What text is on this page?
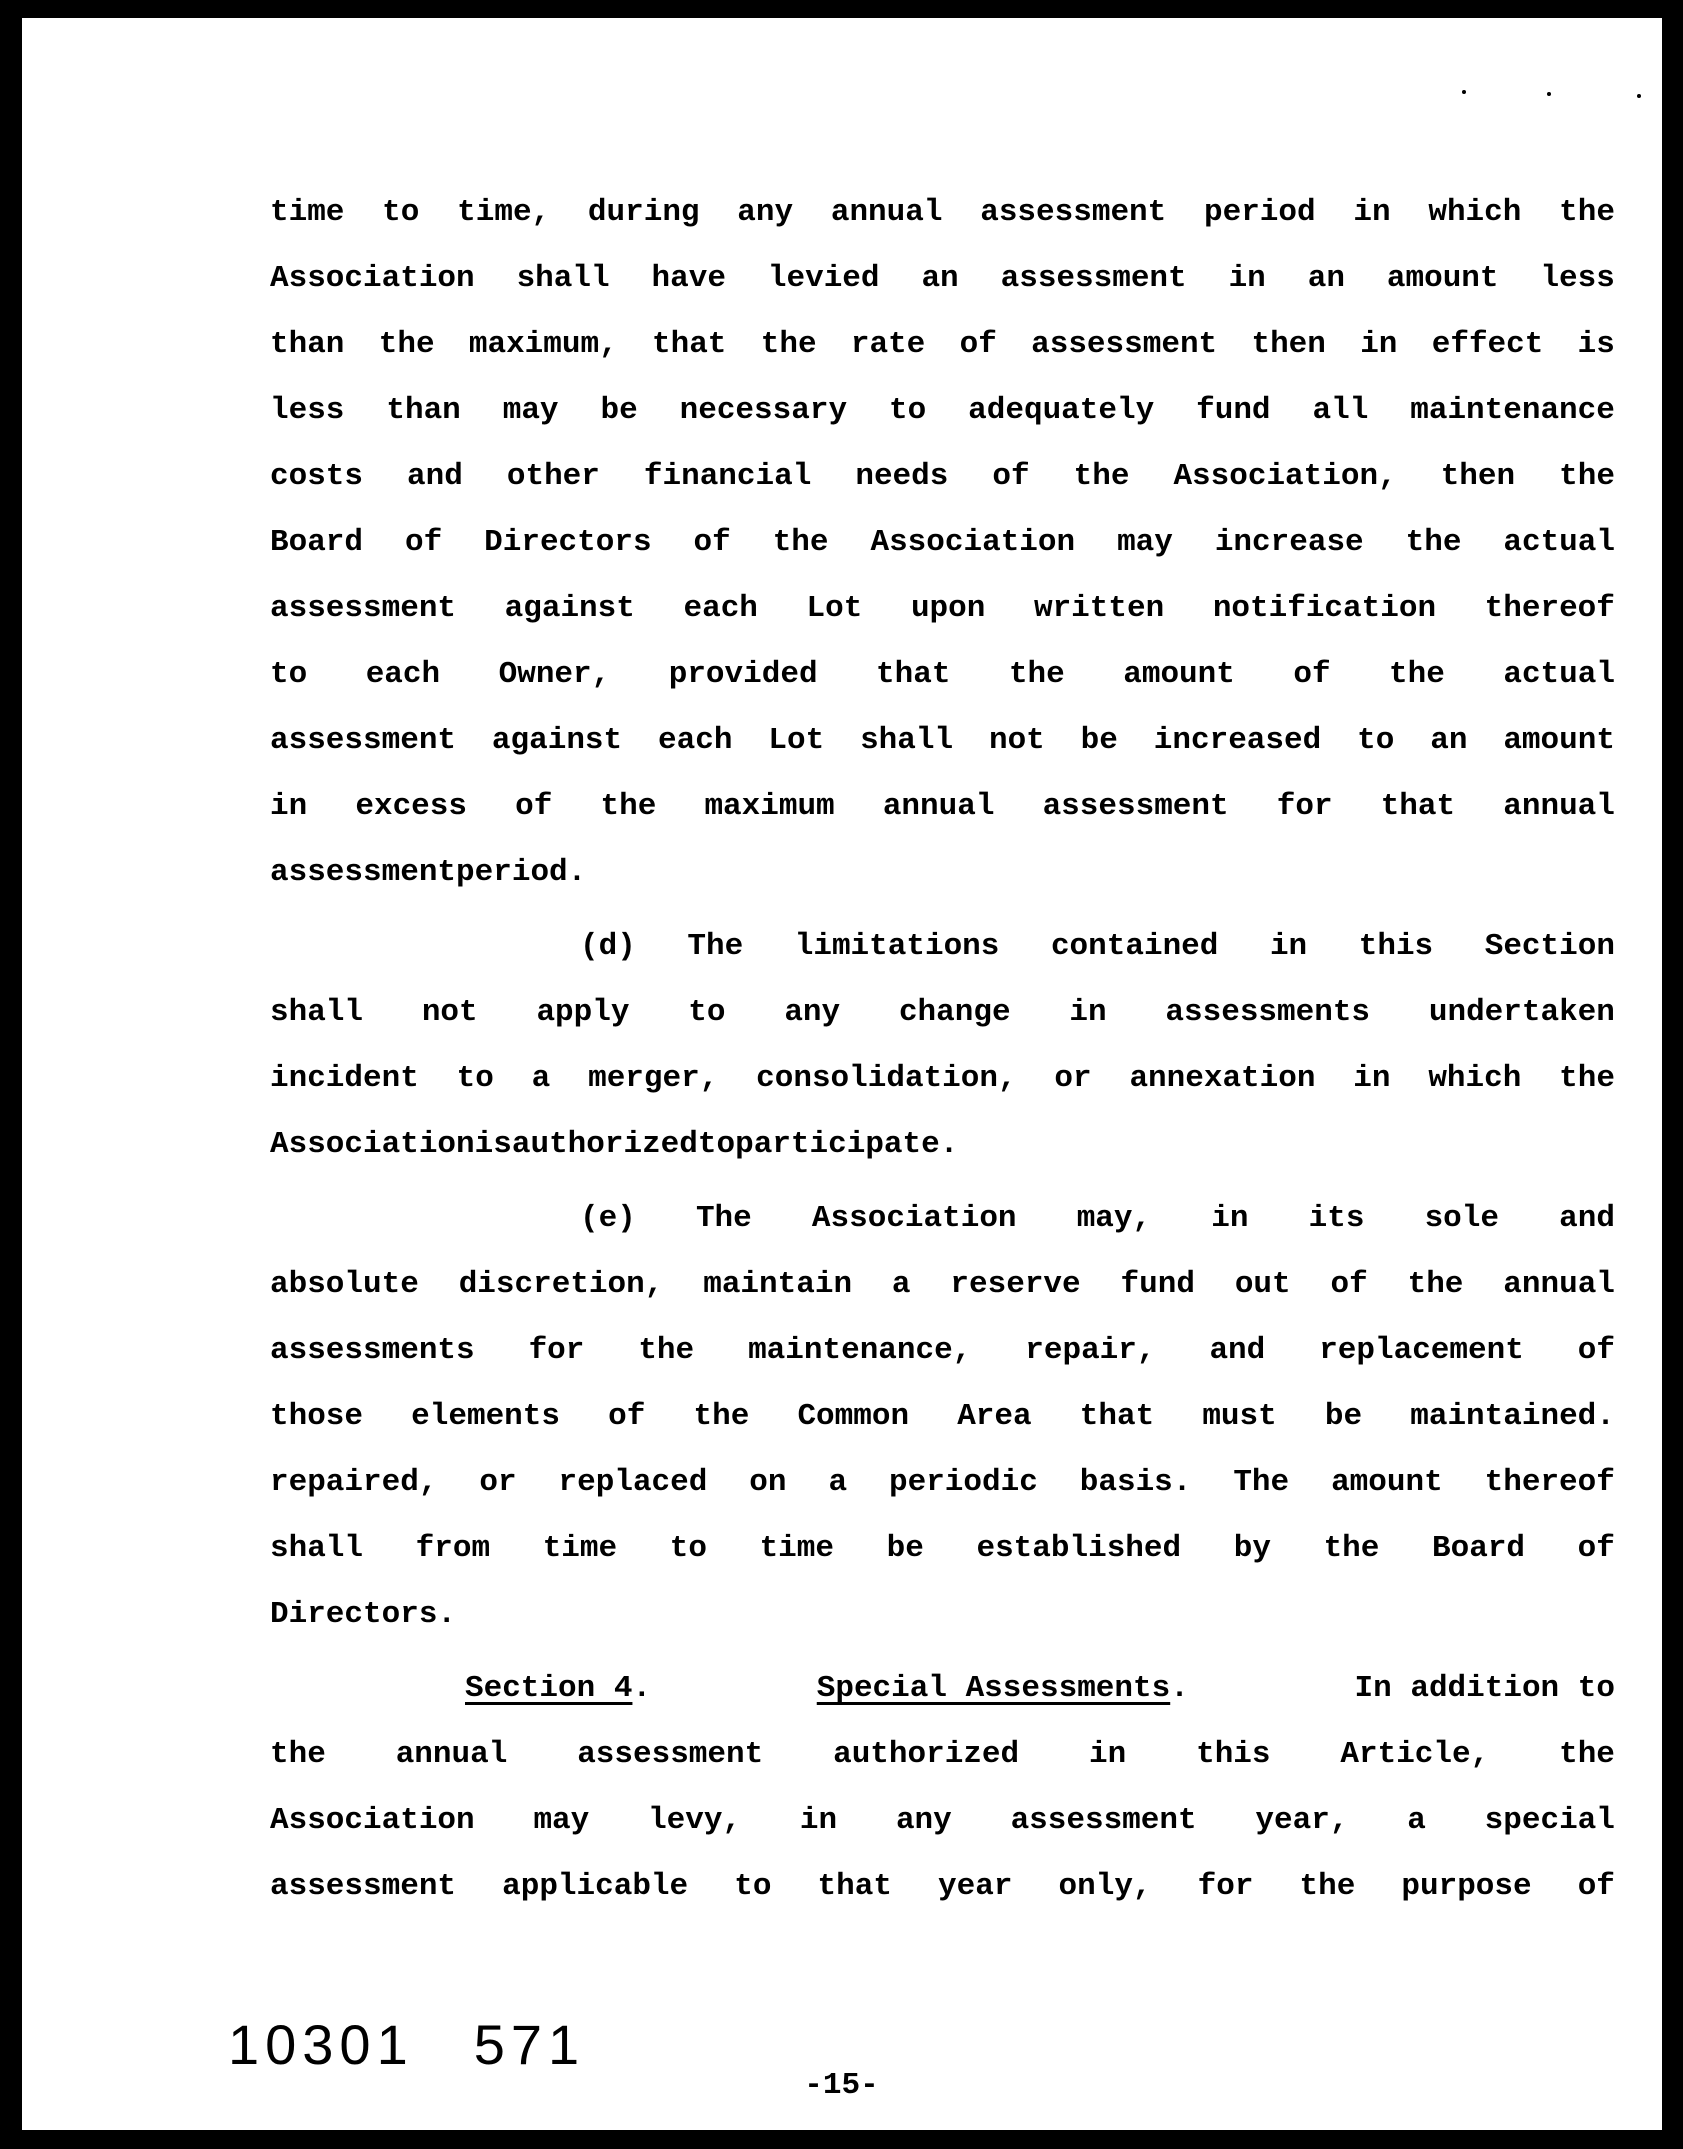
time to time, during any annual assessment period in which the
Association shall have levied an assessment in an amount less
than the maximum, that the rate of assessment then in effect is
less than may be necessary to adequately fund all maintenance
costs and other financial needs of the Association, then the
Board of Directors of the Association may increase the actual
assessment against each Lot upon written notification thereof
to each Owner, provided that the amount of the actual
assessment against each Lot shall not be increased to an amount
in excess of the maximum annual assessment for that annual
assessment period.
(d) The limitations contained in this Section
shall not apply to any change in assessments undertaken
incident to a merger, consolidation, or annexation in which the
Association is authorized to participate.
(e) The Association may, in its sole and
absolute discretion, maintain a reserve fund out of the annual
assessments for the maintenance, repair, and replacement of
those elements of the Common Area that must be maintained.
repaired, or replaced on a periodic basis. The amount thereof
shall from time to time be established by the Board of
Directors.
Section 4.	Special Assessments.	In addition to
the annual assessment authorized in this Article, the
Association may levy, in any assessment year, a special
assessment applicable to that year only, for the purpose of
10301 571
-15-
